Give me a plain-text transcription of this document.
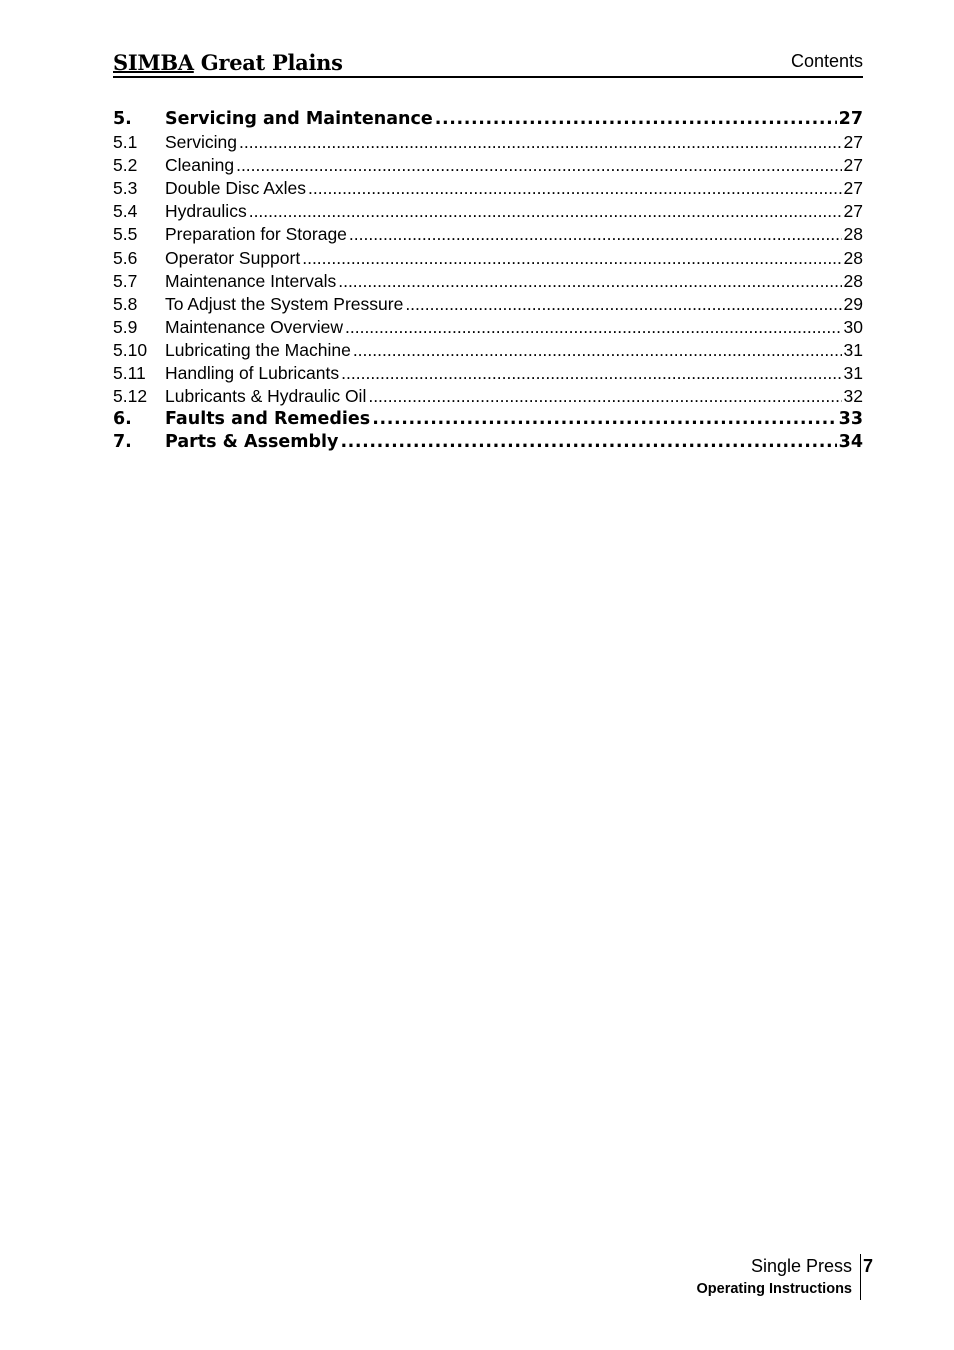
SIMBA Great Plains	Contents
5.	Servicing and Maintenance .....	27
5.1	Servicing .....	27
5.2	Cleaning .....	27
5.3	Double Disc Axles .....	27
5.4	Hydraulics .....	27
5.5	Preparation for Storage .....	28
5.6	Operator Support .....	28
5.7	Maintenance Intervals .....	28
5.8	To Adjust the System Pressure .....	29
5.9	Maintenance Overview .....	30
5.10	Lubricating the Machine .....	31
5.11	Handling of Lubricants .....	31
5.12	Lubricants & Hydraulic Oil .....	32
6.	Faults and Remedies .....	33
7.	Parts & Assembly .....	34
Single Press
Operating Instructions
7
